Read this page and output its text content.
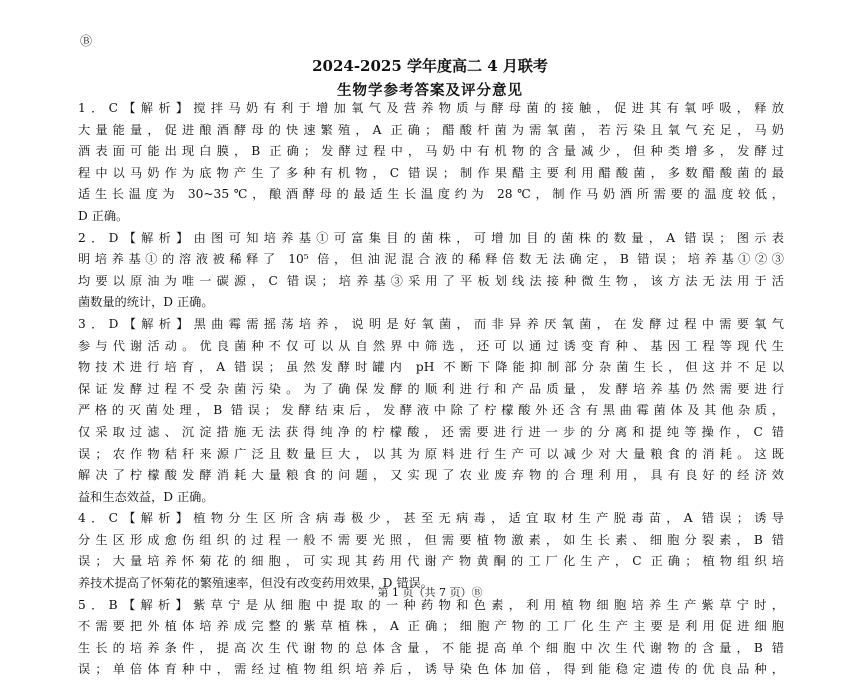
Ⓑ
2024-2025 学年度高二 4 月联考
生物学参考答案及评分意见
1．C【解析】搅拌马奶有利于增加氧气及营养物质与酵母菌的接触，促进其有氧呼吸，释放
大量能量，促进酿酒酵母的快速繁殖，A 正确；醋酸杆菌为需氧菌，若污染且氧气充足，马奶
酒表面可能出现白膜，B 正确；发酵过程中，马奶中有机物的含量减少，但种类增多，发酵过
程中以马奶作为底物产生了多种有机物，C 错误；制作果醋主要利用醋酸菌，多数醋酸菌的最
适生长温度为 30~35℃，酿酒酵母的最适生长温度约为 28℃，制作马奶酒所需要的温度较低，
D 正确。
2．D【解析】由图可知培养基①可富集目的菌株，可增加目的菌株的数量，A 错误；图示表
明培养基①的溶液被稀释了 10⁵ 倍，但油泥混合液的稀释倍数无法确定，B 错误；培养基①②③
均要以原油为唯一碳源，C 错误；培养基③采用了平板划线法接种微生物，该方法无法用于活
菌数量的统计，D 正确。
3．D【解析】黑曲霉需摇荡培养，说明是好氧菌，而非异养厌氧菌，在发酵过程中需要氧气
参与代谢活动。优良菌种不仅可以从自然界中筛选，还可以通过诱变育种、基因工程等现代生
物技术进行培育，A 错误；虽然发酵时罐内 pH 不断下降能抑制部分杂菌生长，但这并不足以
保证发酵过程不受杂菌污染。为了确保发酵的顺利进行和产品质量，发酵培养基仍然需要进行
严格的灭菌处理，B 错误；发酵结束后，发酵液中除了柠檬酸外还含有黑曲霉菌体及其他杂质，
仅采取过滤、沉淀措施无法获得纯净的柠檬酸，还需要进行进一步的分离和提纯等操作，C 错
误；农作物秸秆来源广泛且数量巨大，以其为原料进行生产可以减少对大量粮食的消耗。这既
解决了柠檬酸发酵消耗大量粮食的问题，又实现了农业废弃物的合理利用，具有良好的经济效
益和生态效益，D 正确。
4．C【解析】植物分生区所含病毒极少，甚至无病毒，适宜取材生产脱毒苗，A 错误；诱导
分生区形成愈伤组织的过程一般不需要光照，但需要植物激素，如生长素、细胞分裂素，B 错
误；大量培养怀菊花的细胞，可实现其药用代谢产物黄酮的工厂化生产，C 正确；植物组织培
养技术提高了怀菊花的繁殖速率，但没有改变药用效果，D 错误。
5．B【解析】紫草宁是从细胞中提取的一种药物和色素，利用植物细胞培养生产紫草宁时，
不需要把外植体培养成完整的紫草植株，A 正确；细胞产物的工厂化生产主要是利用促进细胞
生长的培养条件，提高次生代谢物的总体含量，不能提高单个细胞中次生代谢物的含量，B 错
误；单倍体育种中，需经过植物组织培养后，诱导染色体加倍，得到能稳定遗传的优良品种，
第 1 页（共 7 页）Ⓑ
